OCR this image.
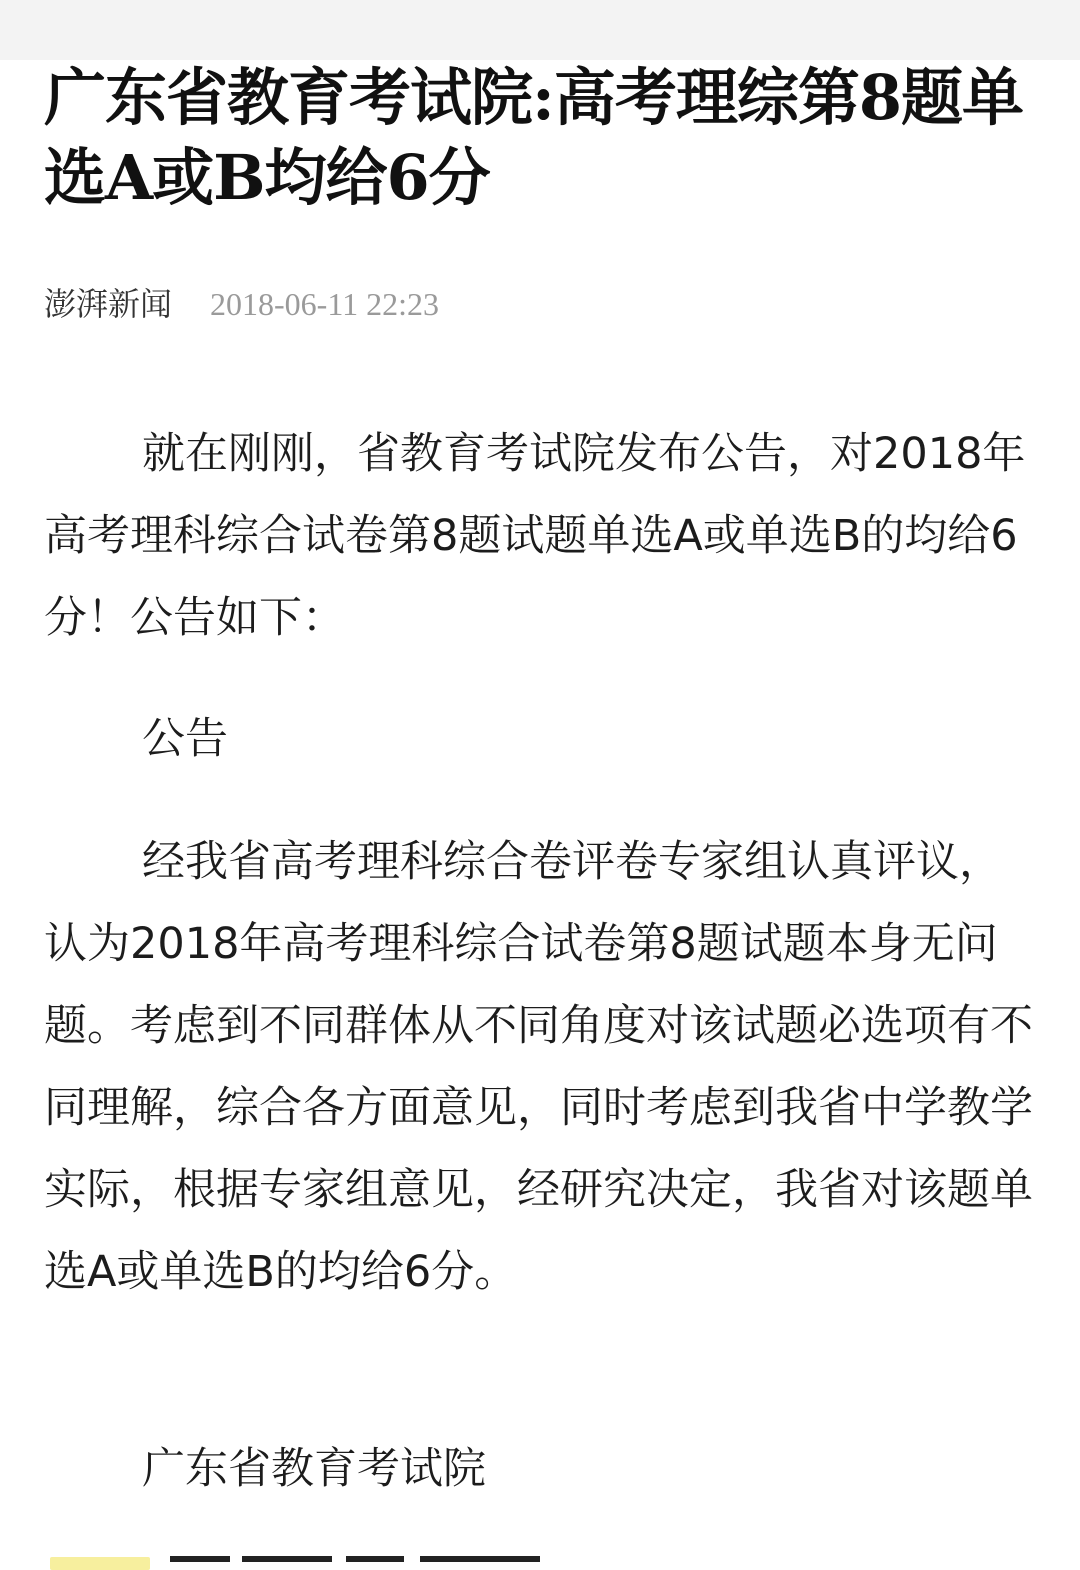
广东省教育考试院:高考理综第8题单选A或B均给6分
澎湃新闻 2018-06-11 22:23

就在刚刚，省教育考试院发布公告，对2018年高考理科综合试卷第8题试题单选A或单选B的均给6分！公告如下：

公告

经我省高考理科综合卷评卷专家组认真评议，认为2018年高考理科综合试卷第8题试题本身无问题。考虑到不同群体从不同角度对该试题必选项有不同理解，综合各方面意见，同时考虑到我省中学教学实际，根据专家组意见，经研究决定，我省对该题单选A或单选B的均给6分。

广东省教育考试院
